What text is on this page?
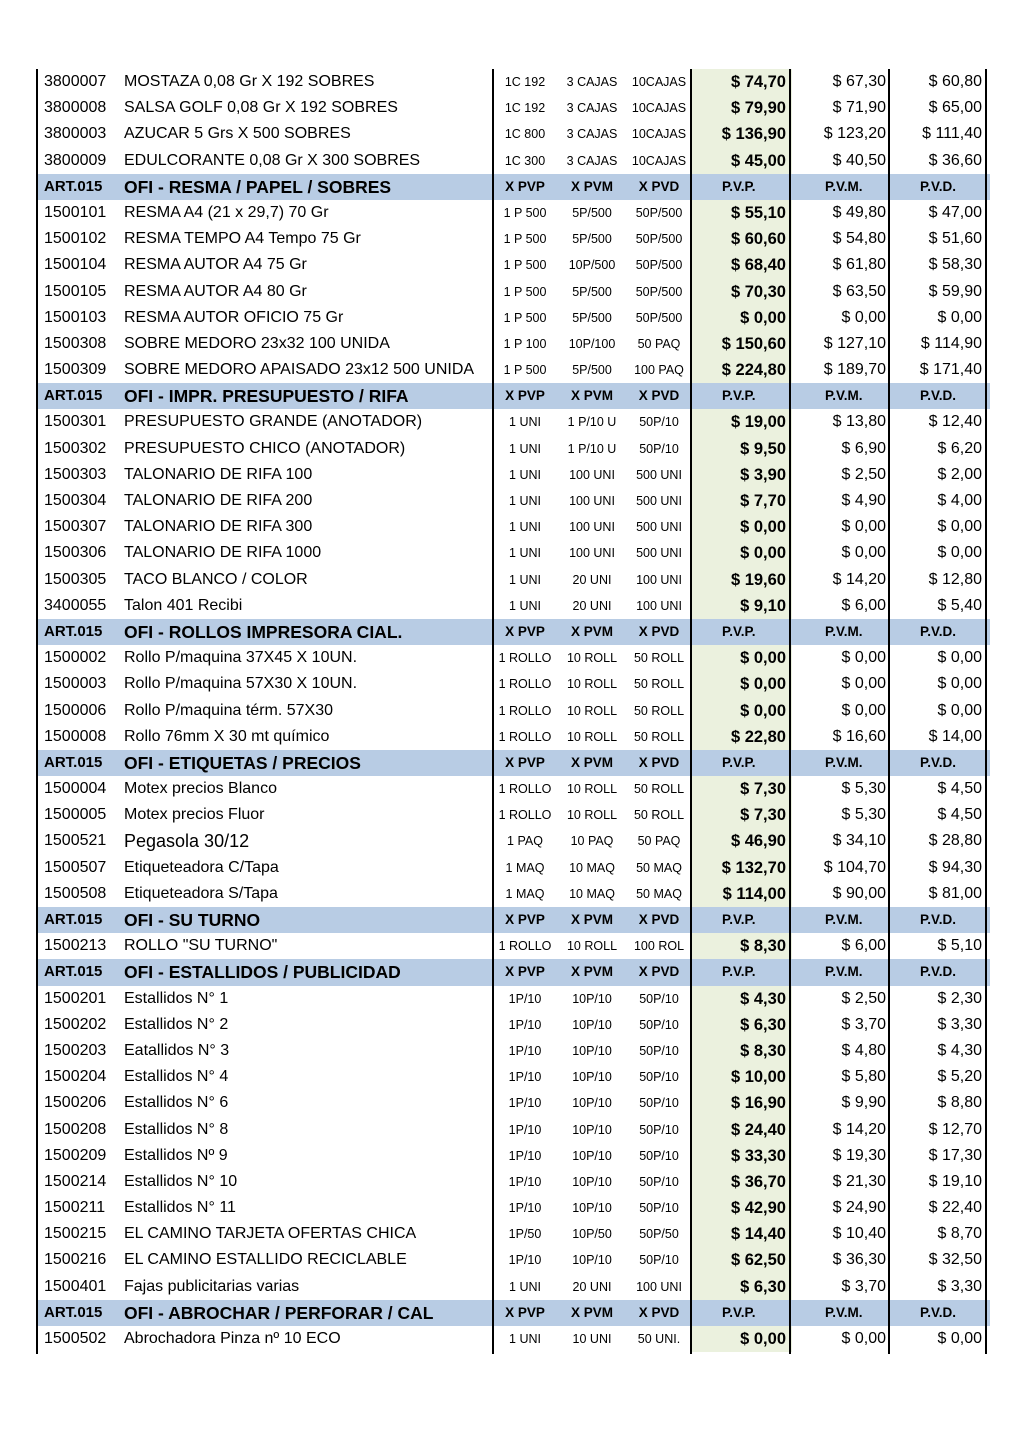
3800007	MOSTAZA 0,08 Gr X 192 SOBRES	1C 192	3 CAJAS	10CAJAS	$ 74,70	$ 67,30	$ 60,80
3800008	SALSA GOLF 0,08 Gr X 192 SOBRES	1C 192	3 CAJAS	10CAJAS	$ 79,90	$ 71,90	$ 65,00
3800003	AZUCAR 5 Grs X 500 SOBRES	1C 800	3 CAJAS	10CAJAS	$ 136,90	$ 123,20	$ 111,40
3800009	EDULCORANTE 0,08 Gr X 300 SOBRES	1C 300	3 CAJAS	10CAJAS	$ 45,00	$ 40,50	$ 36,60
ART.015	OFI - RESMA / PAPEL / SOBRES	X PVP	X PVM	X PVD	P.V.P.	P.V.M.	P.V.D.
1500101	RESMA A4 (21 x 29,7) 70 Gr	1 P 500	5P/500	50P/500	$ 55,10	$ 49,80	$ 47,00
1500102	RESMA TEMPO A4 Tempo 75 Gr	1 P 500	5P/500	50P/500	$ 60,60	$ 54,80	$ 51,60
1500104	RESMA AUTOR A4 75 Gr	1 P 500	10P/500	50P/500	$ 68,40	$ 61,80	$ 58,30
1500105	RESMA AUTOR A4 80 Gr	1 P 500	5P/500	50P/500	$ 70,30	$ 63,50	$ 59,90
1500103	RESMA AUTOR OFICIO 75 Gr	1 P 500	5P/500	50P/500	$ 0,00	$ 0,00	$ 0,00
1500308	SOBRE MEDORO 23x32 100 UNIDA	1 P 100	10P/100	50 PAQ	$ 150,60	$ 127,10	$ 114,90
1500309	SOBRE MEDORO APAISADO 23x12 500 UNIDA	1 P 500	5P/500	100 PAQ	$ 224,80	$ 189,70	$ 171,40
ART.015	OFI - IMPR. PRESUPUESTO / RIFA	X PVP	X PVM	X PVD	P.V.P.	P.V.M.	P.V.D.
1500301	PRESUPUESTO GRANDE (ANOTADOR)	1 UNI	1 P/10 U	50P/10	$ 19,00	$ 13,80	$ 12,40
1500302	PRESUPUESTO CHICO (ANOTADOR)	1 UNI	1 P/10 U	50P/10	$ 9,50	$ 6,90	$ 6,20
1500303	TALONARIO DE RIFA 100	1 UNI	100 UNI	500 UNI	$ 3,90	$ 2,50	$ 2,00
1500304	TALONARIO DE RIFA 200	1 UNI	100 UNI	500 UNI	$ 7,70	$ 4,90	$ 4,00
1500307	TALONARIO DE RIFA 300	1 UNI	100 UNI	500 UNI	$ 0,00	$ 0,00	$ 0,00
1500306	TALONARIO DE RIFA 1000	1 UNI	100 UNI	500 UNI	$ 0,00	$ 0,00	$ 0,00
1500305	TACO BLANCO / COLOR	1 UNI	20 UNI	100 UNI	$ 19,60	$ 14,20	$ 12,80
3400055	Talon 401 Recibi	1 UNI	20 UNI	100 UNI	$ 9,10	$ 6,00	$ 5,40
ART.015	OFI - ROLLOS IMPRESORA CIAL.	X PVP	X PVM	X PVD	P.V.P.	P.V.M.	P.V.D.
1500002	Rollo P/maquina 37X45 X 10UN.	1 ROLLO	10 ROLL	50 ROLL	$ 0,00	$ 0,00	$ 0,00
1500003	Rollo P/maquina 57X30 X 10UN.	1 ROLLO	10 ROLL	50 ROLL	$ 0,00	$ 0,00	$ 0,00
1500006	Rollo P/maquina térm. 57X30	1 ROLLO	10 ROLL	50 ROLL	$ 0,00	$ 0,00	$ 0,00
1500008	Rollo 76mm X 30 mt químico	1 ROLLO	10 ROLL	50 ROLL	$ 22,80	$ 16,60	$ 14,00
ART.015	OFI - ETIQUETAS / PRECIOS	X PVP	X PVM	X PVD	P.V.P.	P.V.M.	P.V.D.
1500004	Motex precios Blanco	1 ROLLO	10 ROLL	50 ROLL	$ 7,30	$ 5,30	$ 4,50
1500005	Motex precios Fluor	1 ROLLO	10 ROLL	50 ROLL	$ 7,30	$ 5,30	$ 4,50
1500521 Pegasola 30/12	1 PAQ	10 PAQ	50 PAQ	$ 46,90	$ 34,10	$ 28,80
1500507	Etiqueteadora C/Tapa	1 MAQ	10 MAQ	50 MAQ	$ 132,70	$ 104,70	$ 94,30
1500508	Etiqueteadora S/Tapa	1 MAQ	10 MAQ	50 MAQ	$ 114,00	$ 90,00	$ 81,00
ART.015	OFI - SU TURNO	X PVP	X PVM	X PVD	P.V.P.	P.V.M.	P.V.D.
1500213	ROLLO "SU TURNO"	1 ROLLO	10 ROLL	100 ROL	$ 8,30	$ 6,00	$ 5,10
ART.015	OFI - ESTALLIDOS / PUBLICIDAD	X PVP	X PVM	X PVD	P.V.P.	P.V.M.	P.V.D.
1500201	Estallidos N° 1	1P/10	10P/10	50P/10	$ 4,30	$ 2,50	$ 2,30
1500202	Estallidos N° 2	1P/10	10P/10	50P/10	$ 6,30	$ 3,70	$ 3,30
1500203	Eatallidos N° 3	1P/10	10P/10	50P/10	$ 8,30	$ 4,80	$ 4,30
1500204	Estallidos N° 4	1P/10	10P/10	50P/10	$ 10,00	$ 5,80	$ 5,20
1500206	Estallidos N° 6	1P/10	10P/10	50P/10	$ 16,90	$ 9,90	$ 8,80
1500208	Estallidos N° 8	1P/10	10P/10	50P/10	$ 24,40	$ 14,20	$ 12,70
1500209	Estallidos Nº 9	1P/10	10P/10	50P/10	$ 33,30	$ 19,30	$ 17,30
1500214	Estallidos N° 10	1P/10	10P/10	50P/10	$ 36,70	$ 21,30	$ 19,10
1500211	Estallidos N° 11	1P/10	10P/10	50P/10	$ 42,90	$ 24,90	$ 22,40
1500215	EL CAMINO TARJETA OFERTAS CHICA	1P/50	10P/50	50P/50	$ 14,40	$ 10,40	$ 8,70
1500216	EL CAMINO ESTALLIDO RECICLABLE	1P/10	10P/10	50P/10	$ 62,50	$ 36,30	$ 32,50
1500401	Fajas publicitarias varias	1 UNI	20 UNI	100 UNI	$ 6,30	$ 3,70	$ 3,30
ART.015	OFI - ABROCHAR / PERFORAR / CAL	X PVP	X PVM	X PVD	P.V.P.	P.V.M.	P.V.D.
1500502	Abrochadora Pinza nº 10 ECO	1 UNI	10 UNI	50 UNI.	$ 0,00	$ 0,00	$ 0,00
